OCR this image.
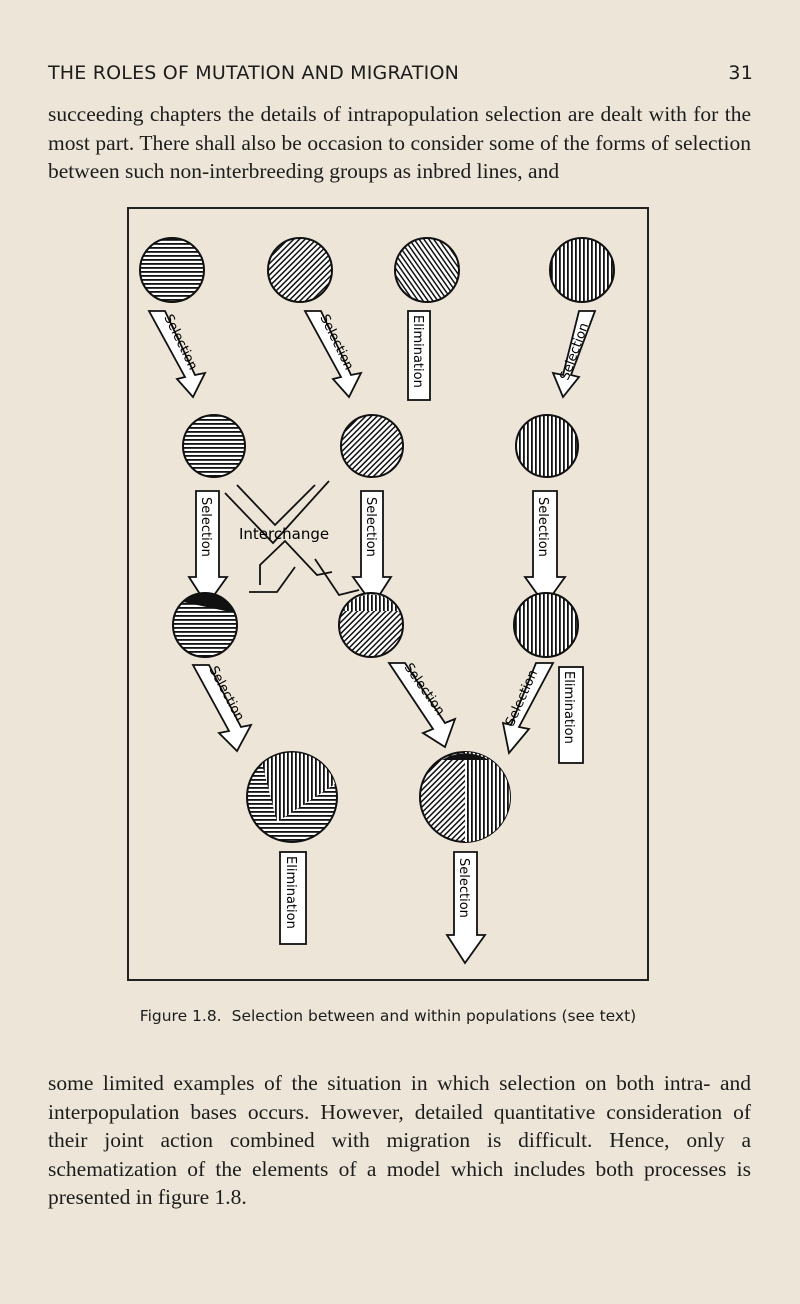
THE ROLES OF MUTATION AND MIGRATION	31

succeeding chapters the details of intrapopulation selection are dealt with for the most part. There shall also be occasion to consider some of the forms of selection between such non-interbreeding groups as inbred lines, and

Selection	Selection	Elimination	Selection
Interchange
Selection	Selection	Selection
Selection	Selection	Selection Elimination
Elimination	Selection
Figure 1.8. Selection between and within populations (see text)

some limited examples of the situation in which selection on both intra- and interpopulation bases occurs. However, detailed quantitative consideration of their joint action combined with migration is difficult. Hence, only a schematization of the elements of a model which includes both processes is presented in figure 1.8.
